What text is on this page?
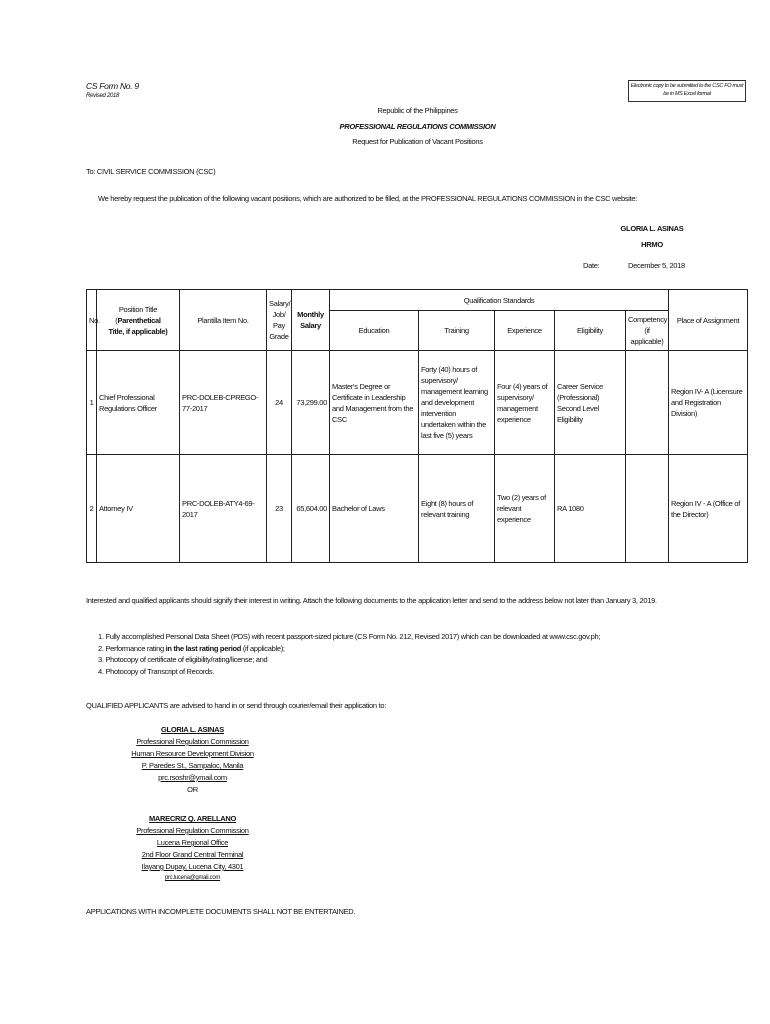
CS Form No. 9
Revised 2018
Electronic copy to be submitted to the CSC FO must be in MS Excel format
Republic of the Philippines
PROFESSIONAL REGULATIONS COMMISSION
Request for Publication of Vacant Positions
To: CIVIL SERVICE COMMISSION (CSC)
We hereby request the publication of the following vacant positions, which are authorized to be filled, at the PROFESSIONAL REGULATIONS COMMISSION in the CSC website:
GLORIA L. ASINAS
HRMO
Date:	December 5, 2018
No.	Position Title (Parenthetical
Title, if applicable)	Plantilla Item No.	Salary/ Job/ Pay Grade	Monthly Salary	Qualification Standards					Place of Assignment
					Education	Training	Experience	Eligibility	Competency (if applicable)	
1	Chief Professional Regulations Officer	PRC-DOLEB-CPREGO-77-2017	24	73,299.00	Master's Degree or Certificate in Leadership and Management from the CSC	Forty (40) hours of supervisory/ management learning and development intervention undertaken within the last five (5) years	Four (4) years of supervisory/ management experience	Career Service (Professional) Second Level Eligibility		Region IV- A (Licensure and Registration Division)
2	Attorney IV	PRC-DOLEB-ATY4-69-2017	23	65,604.00	Bachelor of Laws	Eight (8) hours of relevant training	Two (2) years of relevant experience	RA 1080		Region IV - A (Office of the Director)
Interested and qualified applicants should signify their interest in writing. Attach the following documents to the application letter and send to the address below not later than January 3, 2019.
1. Fully accomplished Personal Data Sheet (PDS) with recent passport-sized picture (CS Form No. 212, Revised 2017) which can be downloaded at www.csc.gov.ph;
2. Performance rating in the last rating period (if applicable);
3. Photocopy of certificate of eligibility/rating/license; and
4. Photocopy of Transcript of Records.
QUALIFIED APPLICANTS are advised to hand in or send through courier/email their application to:
GLORIA L. ASINAS
Professional Regulation Commission
Human Resource Development Division
P. Paredes St., Sampaloc, Manila
prc.rsoshr@ymail.com
OR
MARECRIZ Q. ARELLANO
Professional Regulation Commission
Lucena Regional Office
2nd Floor Grand Central Terminal
Ilayang Dupay, Lucena City, 4301
prc.lucena@gmail.com
APPLICATIONS WITH INCOMPLETE DOCUMENTS SHALL NOT BE ENTERTAINED.
